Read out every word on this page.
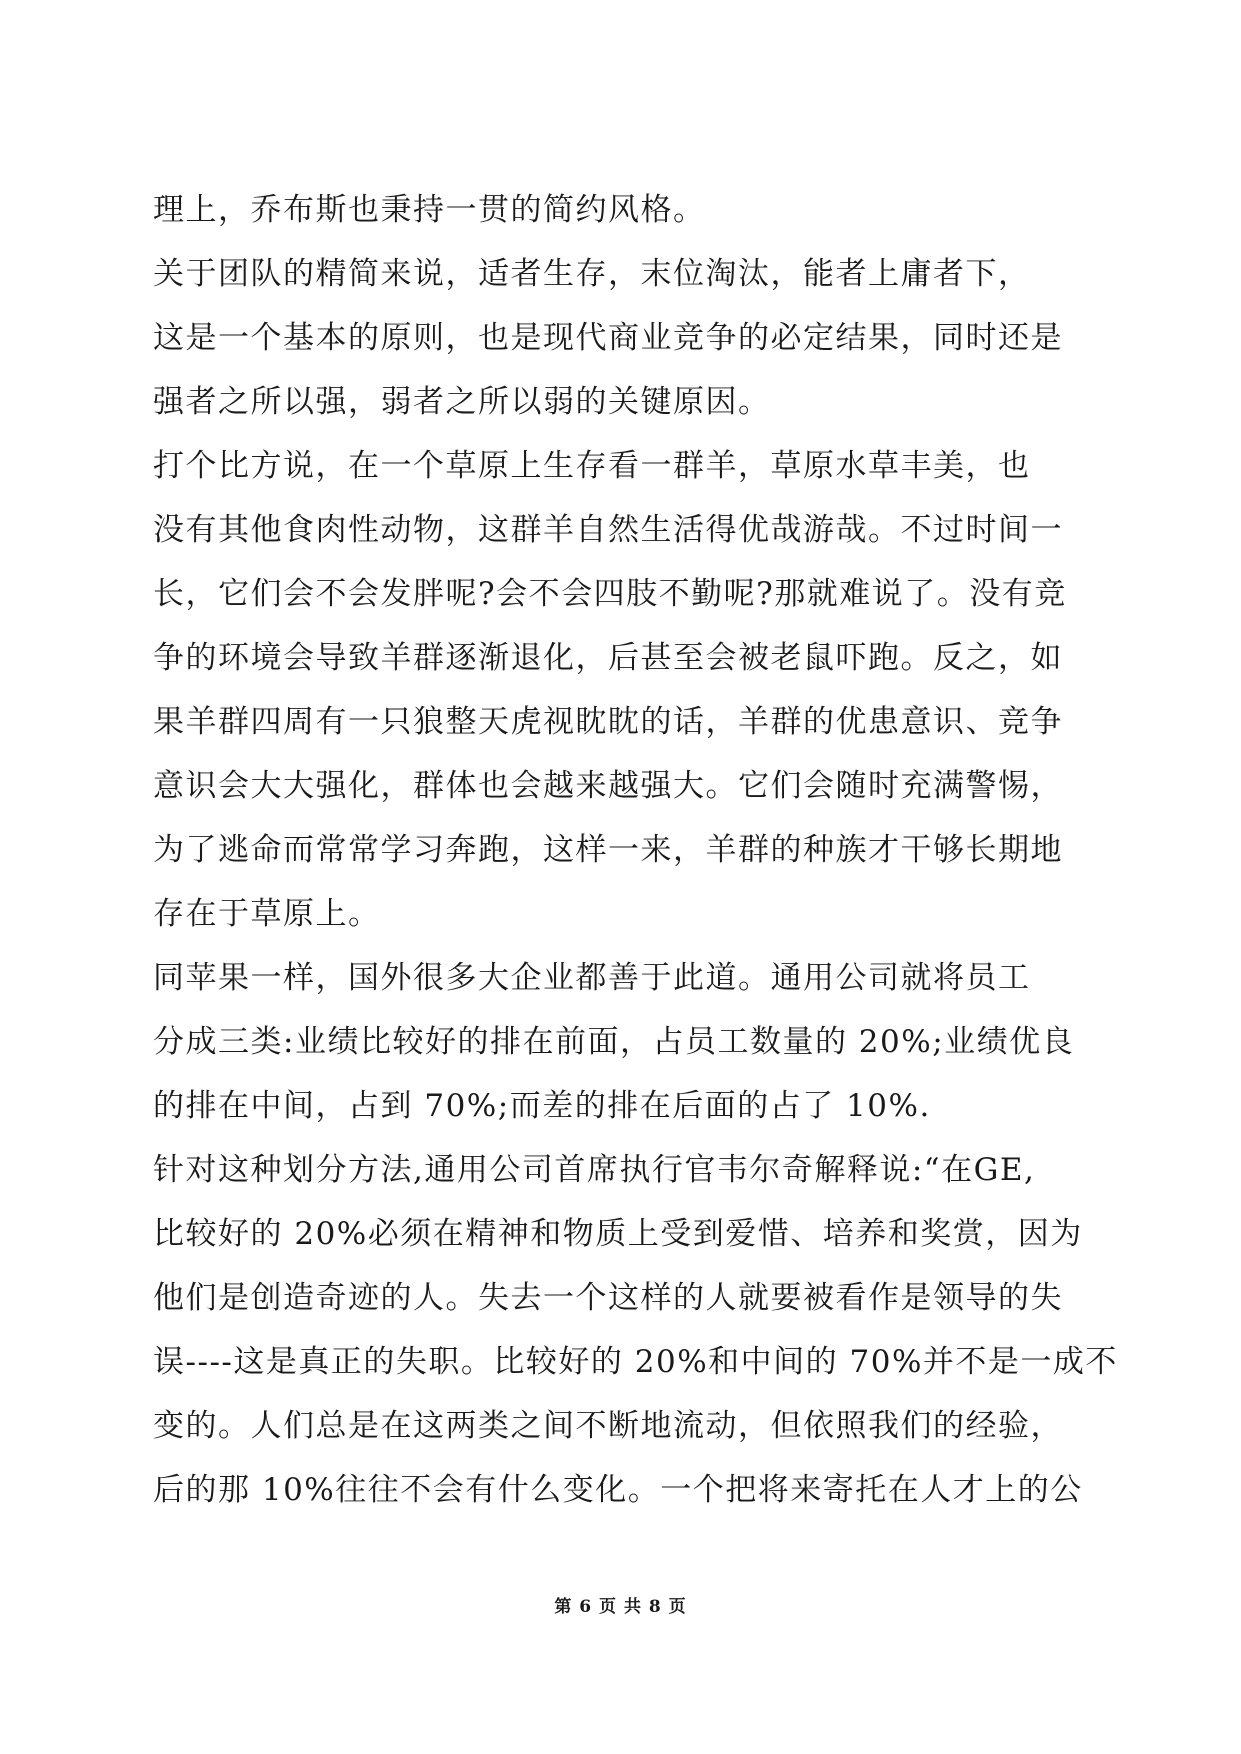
理上，乔布斯也秉持一贯的简约风格。
关于团队的精简来说，适者生存，末位淘汰，能者上庸者下，
这是一个基本的原则，也是现代商业竞争的必定结果，同时还是
强者之所以强，弱者之所以弱的关键原因。
打个比方说，在一个草原上生存看一群羊，草原水草丰美，也
没有其他食肉性动物，这群羊自然生活得优哉游哉。不过时间一
长，它们会不会发胖呢?会不会四肢不勤呢?那就难说了。没有竞
争的环境会导致羊群逐渐退化，后甚至会被老鼠吓跑。反之，如
果羊群四周有一只狼整天虎视眈眈的话，羊群的优患意识、竞争
意识会大大强化，群体也会越来越强大。它们会随时充满警惕，
为了逃命而常常学习奔跑，这样一来，羊群的种族才干够长期地
存在于草原上。
同苹果一样，国外很多大企业都善于此道。通用公司就将员工
分成三类:业绩比较好的排在前面，占员工数量的 20%;业绩优良
的排在中间，占到 70%;而差的排在后面的占了 10%.
针对这种划分方法,通用公司首席执行官韦尔奇解释说:“在GE,
比较好的 20%必须在精神和物质上受到爱惜、培养和奖赏，因为
他们是创造奇迹的人。失去一个这样的人就要被看作是领导的失
误----这是真正的失职。比较好的 20%和中间的 70%并不是一成不
变的。人们总是在这两类之间不断地流动，但依照我们的经验，
后的那 10%往往不会有什么变化。一个把将来寄托在人才上的公
第 6 页 共 8 页
